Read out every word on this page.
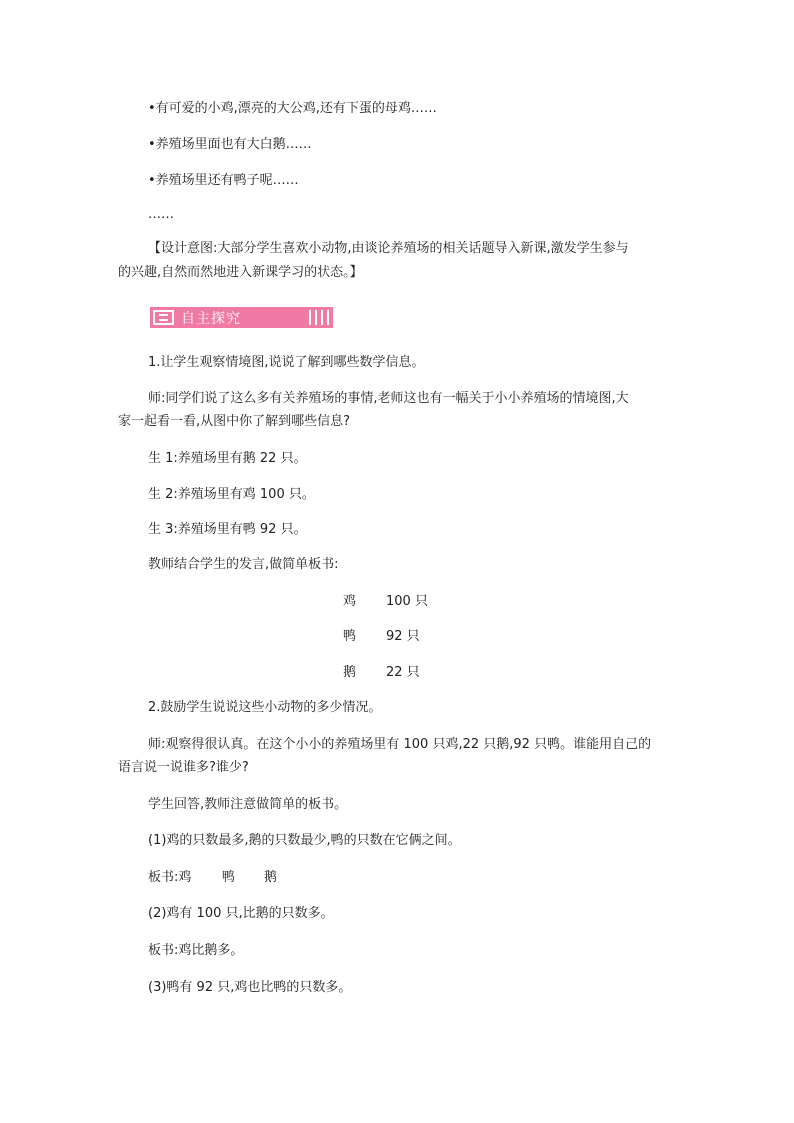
•有可爱的小鸡,漂亮的大公鸡,还有下蛋的母鸡……
•养殖场里面也有大白鹅……
•养殖场里还有鸭子呢……
……
【设计意图:大部分学生喜欢小动物,由谈论养殖场的相关话题导入新课,激发学生参与
的兴趣,自然而然地进入新课学习的状态。】
自主探究
1.让学生观察情境图,说说了解到哪些数学信息。
师:同学们说了这么多有关养殖场的事情,老师这也有一幅关于小小养殖场的情境图,大
家一起看一看,从图中你了解到哪些信息?
生 1:养殖场里有鹅 22 只。
生 2:养殖场里有鸡 100 只。
生 3:养殖场里有鸭 92 只。
教师结合学生的发言,做简单板书:
鸡 100 只
鸭 92 只
鹅 22 只
2.鼓励学生说说这些小动物的多少情况。
师:观察得很认真。在这个小小的养殖场里有 100 只鸡,22 只鹅,92 只鸭。谁能用自己的
语言说一说谁多?谁少?
学生回答,教师注意做简单的板书。
(1)鸡的只数最多,鹅的只数最少,鸭的只数在它俩之间。
板书:鸡 鸭 鹅
(2)鸡有 100 只,比鹅的只数多。
板书:鸡比鹅多。
(3)鸭有 92 只,鸡也比鸭的只数多。
